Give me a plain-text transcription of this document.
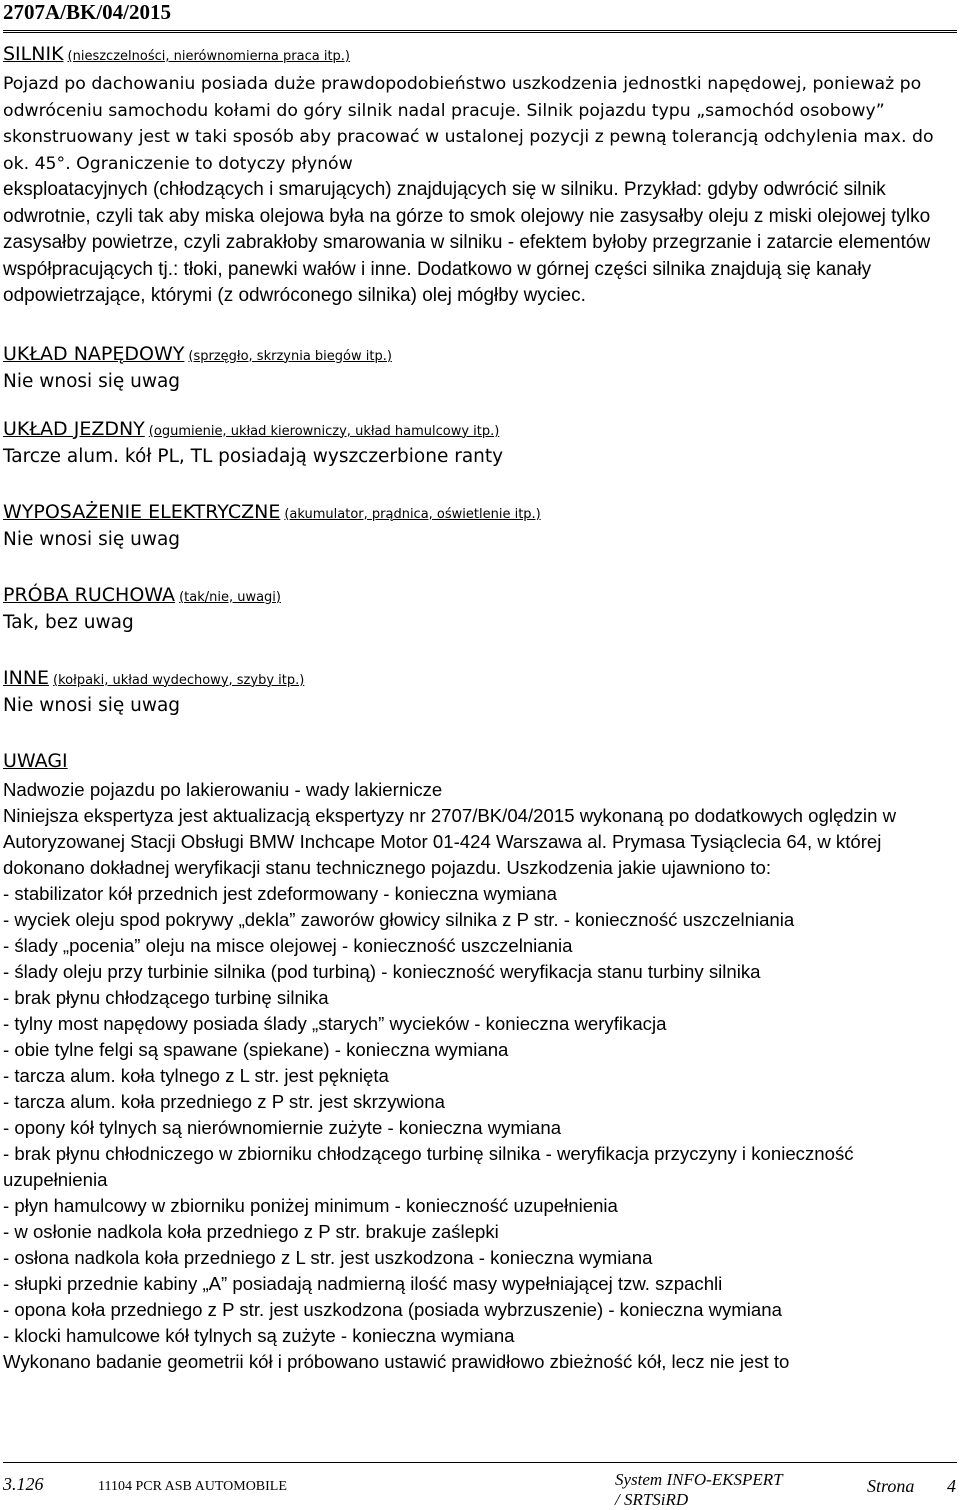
2707A/BK/04/2015
SILNIK (nieszczelności, nierównomierna praca itp.)

Pojazd po dachowaniu posiada duże prawdopodobieństwo uszkodzenia jednostki napędowej, ponieważ po odwróceniu samochodu kołami do góry silnik nadal pracuje. Silnik pojazdu typu „samochód osobowy” skonstruowany jest w taki sposób aby pracować w ustalonej pozycji z pewną tolerancją odchylenia max. do ok. 45°. Ograniczenie to dotyczy płynów

eksploatacyjnych (chłodzących i smarujących) znajdujących się w silniku. Przykład: gdyby odwrócić silnik odwrotnie, czyli tak aby miska olejowa była na górze to smok olejowy nie zasysałby oleju z miski olejowej tylko zasysałby powietrze, czyli zabrakłoby smarowania w silniku - efektem byłoby przegrzanie i zatarcie elementów współpracujących tj.: tłoki, panewki wałów i inne. Dodatkowo w górnej części silnika znajdują się kanały odpowietrzające, którymi (z odwróconego silnika) olej mógłby wyciec.

UKŁAD NAPĘDOWY (sprzęgło, skrzynia biegów itp.)
Nie wnosi się uwag
UKŁAD JEZDNY (ogumienie, układ kierowniczy, układ hamulcowy itp.)
Tarcze alum. kół PL, TL posiadają wyszczerbione ranty
WYPOSAŻENIE ELEKTRYCZNE (akumulator, prądnica, oświetlenie itp.)
Nie wnosi się uwag
PRÓBA RUCHOWA (tak/nie, uwagi)
Tak, bez uwag
INNE (kołpaki, układ wydechowy, szyby itp.)
Nie wnosi się uwag
UWAGI

Nadwozie pojazdu po lakierowaniu - wady lakiernicze

Niniejsza ekspertyza jest aktualizacją ekspertyzy nr 2707/BK/04/2015 wykonaną po dodatkowych oględzin w Autoryzowanej Stacji Obsługi BMW Inchcape Motor 01-424 Warszawa al. Prymasa Tysiąclecia 64, w której dokonano dokładnej weryfikacji stanu technicznego pojazdu. Uszkodzenia jakie ujawniono to:

- stabilizator kół przednich jest zdeformowany - konieczna wymiana

- wyciek oleju spod pokrywy „dekla” zaworów głowicy silnika z P str. - konieczność uszczelniania

- ślady „pocenia” oleju na misce olejowej - konieczność uszczelniania

- ślady oleju przy turbinie silnika (pod turbiną) - konieczność weryfikacja stanu turbiny silnika

- brak płynu chłodzącego turbinę silnika

- tylny most napędowy posiada ślady „starych” wycieków - konieczna weryfikacja

- obie tylne felgi są spawane (spiekane) - konieczna wymiana

- tarcza alum. koła tylnego z L str. jest pęknięta

- tarcza alum. koła przedniego z P str. jest skrzywiona

- opony kół tylnych są nierównomiernie zużyte - konieczna wymiana

- brak płynu chłodniczego w zbiorniku chłodzącego turbinę silnika - weryfikacja przyczyny i konieczność uzupełnienia

- płyn hamulcowy w zbiorniku poniżej minimum - konieczność uzupełnienia

- w osłonie nadkola koła przedniego z P str. brakuje zaślepki

- osłona nadkola koła przedniego z L str. jest uszkodzona - konieczna wymiana

- słupki przednie kabiny „A” posiadają nadmierną ilość masy wypełniającej tzw. szpachli

- opona koła przedniego z P str. jest uszkodzona (posiada wybrzuszenie) - konieczna wymiana

- klocki hamulcowe kół tylnych są zużyte - konieczna wymiana

Wykonano badanie geometrii kół i próbowano ustawić prawidłowo zbieżność kół, lecz nie jest to

3.126	11104 PCR ASB AUTOMOBILE	System INFO-EKSPERT
/ SRTSiRD
Strona 4
